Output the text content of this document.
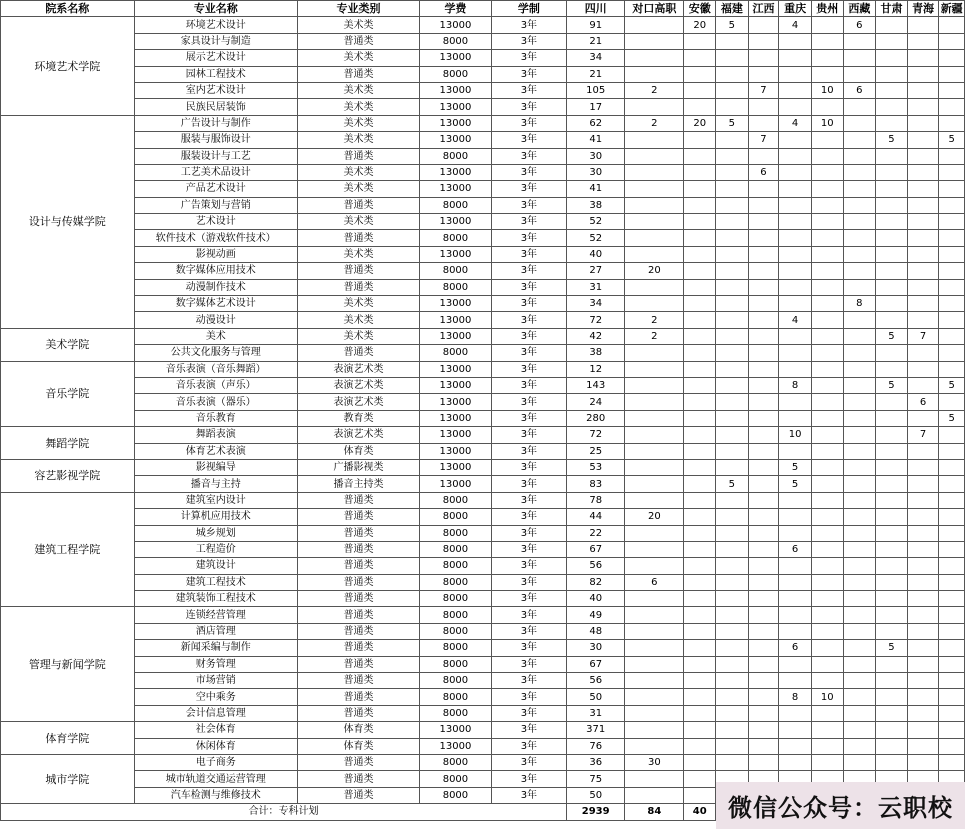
院系名称	专业名称	专业类别	学费	学制	四川	对口高职	安徽	福建	江西	重庆	贵州	西藏	甘肃	青海	新疆
环境艺术学院	环境艺术设计	美术类	13000	3年	91		20	5		4		6			
	家具设计与制造	普通类	8000	3年	21										
	展示艺术设计	美术类	13000	3年	34										
	园林工程技术	普通类	8000	3年	21										
	室内艺术设计	美术类	13000	3年	105	2			7		10	6			
	民族民居装饰	美术类	13000	3年	17										
设计与传媒学院	广告设计与制作	美术类	13000	3年	62	2	20	5		4	10				
	服装与服饰设计	美术类	13000	3年	41				7				5		5
	服装设计与工艺	普通类	8000	3年	30										
	工艺美术品设计	美术类	13000	3年	30				6						
	产品艺术设计	美术类	13000	3年	41										
	广告策划与营销	普通类	8000	3年	38										
	艺术设计	美术类	13000	3年	52										
	软件技术（游戏软件技术）	普通类	8000	3年	52										
	影视动画	美术类	13000	3年	40										
	数字媒体应用技术	普通类	8000	3年	27	20									
	动漫制作技术	普通类	8000	3年	31										
	数字媒体艺术设计	美术类	13000	3年	34							8			
	动漫设计	美术类	13000	3年	72	2				4					
美术学院	美术	美术类	13000	3年	42	2							5	7	
	公共文化服务与管理	普通类	8000	3年	38										
音乐学院	音乐表演（音乐舞蹈）	表演艺术类	13000	3年	12										
	音乐表演（声乐）	表演艺术类	13000	3年	143					8			5		5
	音乐表演（器乐）	表演艺术类	13000	3年	24									6	
	音乐教育	教育类	13000	3年	280										5
舞蹈学院	舞蹈表演	表演艺术类	13000	3年	72					10				7	
	体育艺术表演	体育类	13000	3年	25										
容艺影视学院	影视编导	广播影视类	13000	3年	53					5					
	播音与主持	播音主持类	13000	3年	83			5		5					
建筑工程学院	建筑室内设计	普通类	8000	3年	78										
	计算机应用技术	普通类	8000	3年	44	20									
	城乡规划	普通类	8000	3年	22										
	工程造价	普通类	8000	3年	67					6					
	建筑设计	普通类	8000	3年	56										
	建筑工程技术	普通类	8000	3年	82	6									
	建筑装饰工程技术	普通类	8000	3年	40										
管理与新闻学院	连锁经营管理	普通类	8000	3年	49										
	酒店管理	普通类	8000	3年	48										
	新闻采编与制作	普通类	8000	3年	30					6			5		
	财务管理	普通类	8000	3年	67										
	市场营销	普通类	8000	3年	56										
	空中乘务	普通类	8000	3年	50					8	10				
	会计信息管理	普通类	8000	3年	31										
体育学院	社会体育	体育类	13000	3年	371										
	休闲体育	体育类	13000	3年	76										
城市学院	电子商务	普通类	8000	3年	36	30									
	城市轨道交通运营管理	普通类	8000	3年	75										
	汽车检测与维修技术	普通类	8000	3年	50										
合计：专科计划					2939	84	40								微信公众号：云职校
